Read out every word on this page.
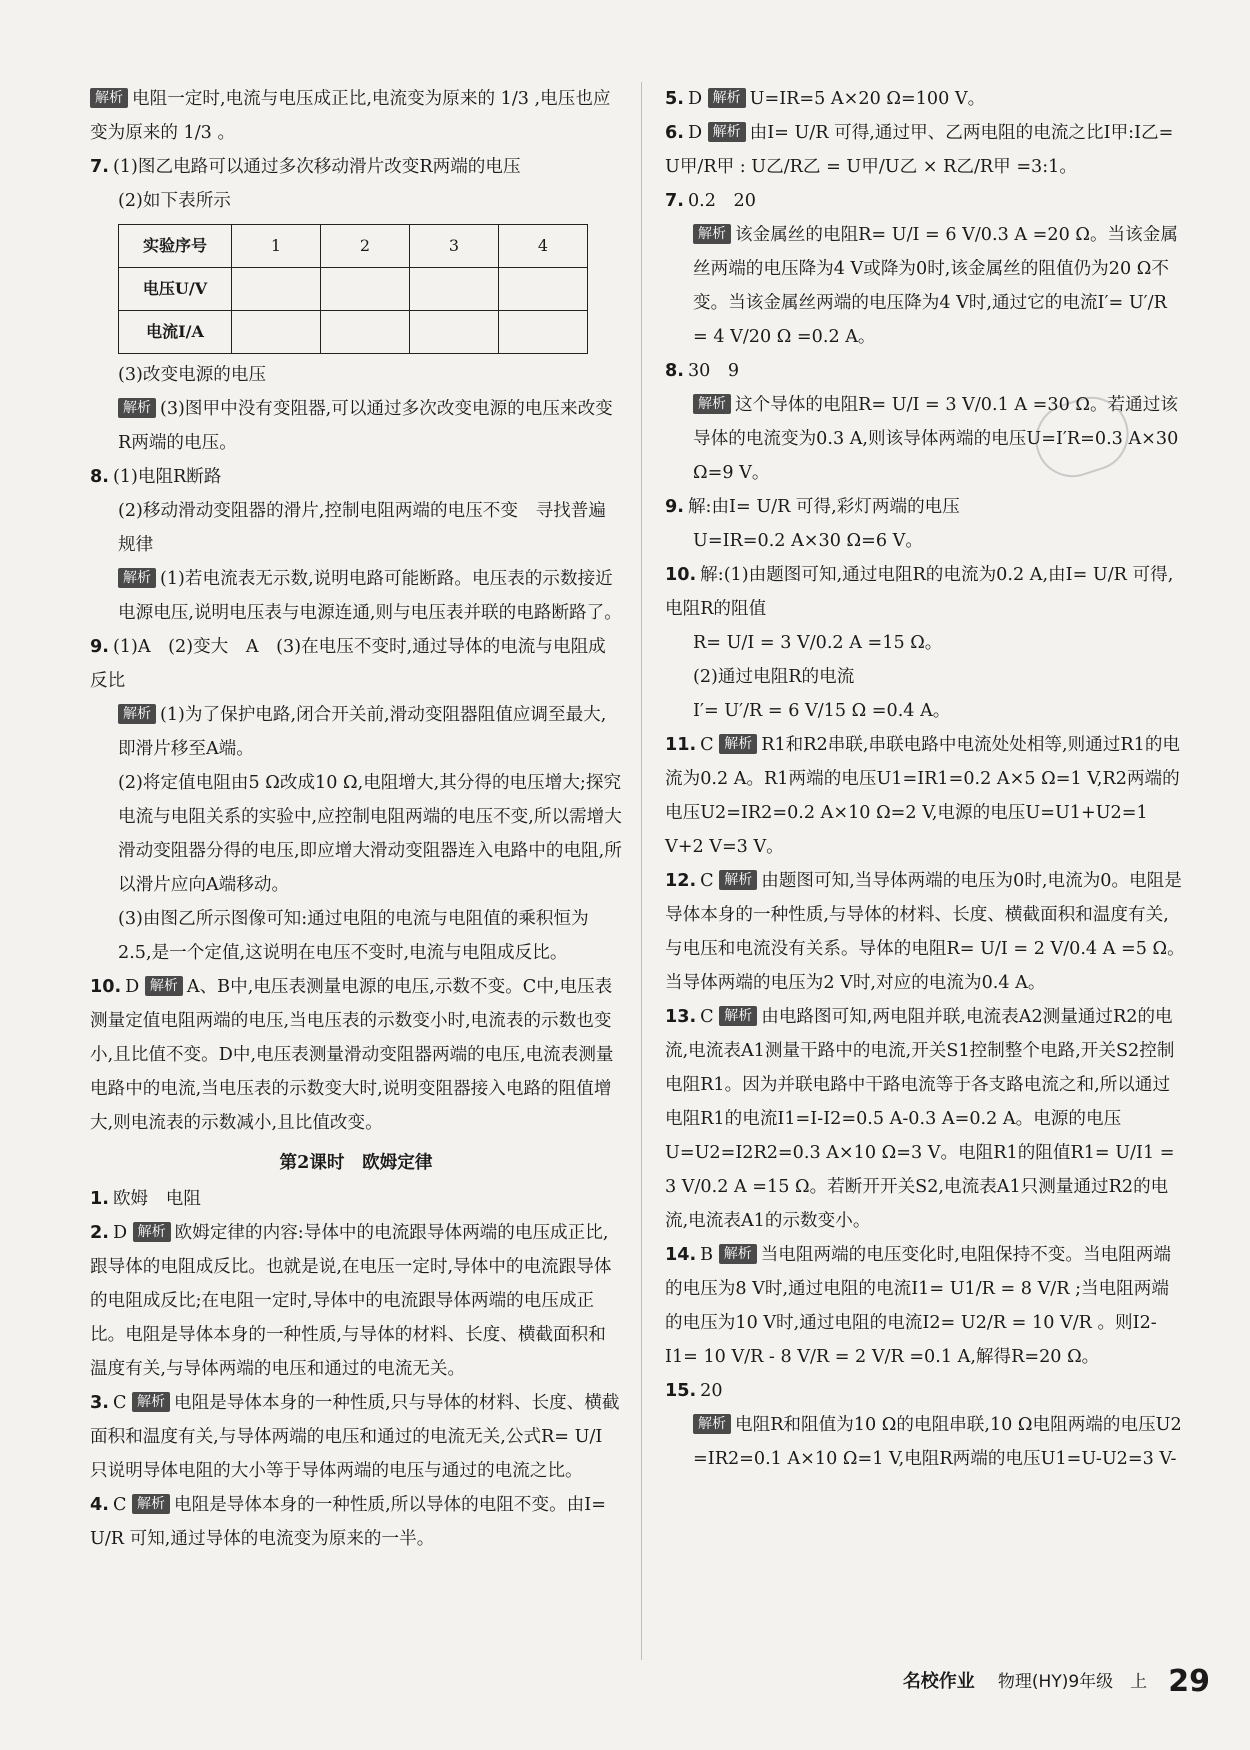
解析 电阻一定时,电流与电压成正比,电流变为原来的 1/3 ,电压也应变为原来的 1/3 。
7. (1)图乙电路可以通过多次移动滑片改变R两端的电压
(2)如下表所示
实验序号	1	2	3	4
电压U/V				
电流I/A				
(3)改变电源的电压
解析 (3)图甲中没有变阻器,可以通过多次改变电源的电压来改变R两端的电压。
8. (1)电阻R断路
(2)移动滑动变阻器的滑片,控制电阻两端的电压不变　寻找普遍规律
解析 (1)若电流表无示数,说明电路可能断路。电压表的示数接近电源电压,说明电压表与电源连通,则与电压表并联的电路断路了。
9. (1)A　(2)变大　A　(3)在电压不变时,通过导体的电流与电阻成反比
解析 (1)为了保护电路,闭合开关前,滑动变阻器阻值应调至最大,即滑片移至A端。
(2)将定值电阻由5 Ω改成10 Ω,电阻增大,其分得的电压增大;探究电流与电阻关系的实验中,应控制电阻两端的电压不变,所以需增大滑动变阻器分得的电压,即应增大滑动变阻器连入电路中的电阻,所以滑片应向A端移动。
(3)由图乙所示图像可知:通过电阻的电流与电阻值的乘积恒为2.5,是一个定值,这说明在电压不变时,电流与电阻成反比。
10. D 解析 A、B中,电压表测量电源的电压,示数不变。C中,电压表测量定值电阻两端的电压,当电压表的示数变小时,电流表的示数也变小,且比值不变。D中,电压表测量滑动变阻器两端的电压,电流表测量电路中的电流,当电压表的示数变大时,说明变阻器接入电路的阻值增大,则电流表的示数减小,且比值改变。
第2课时　欧姆定律
1. 欧姆　电阻
2. D 解析 欧姆定律的内容:导体中的电流跟导体两端的电压成正比,跟导体的电阻成反比。也就是说,在电压一定时,导体中的电流跟导体的电阻成反比;在电阻一定时,导体中的电流跟导体两端的电压成正比。电阻是导体本身的一种性质,与导体的材料、长度、横截面积和温度有关,与导体两端的电压和通过的电流无关。
3. C 解析 电阻是导体本身的一种性质,只与导体的材料、长度、横截面积和温度有关,与导体两端的电压和通过的电流无关,公式R= U/I 只说明导体电阻的大小等于导体两端的电压与通过的电流之比。
4. C 解析 电阻是导体本身的一种性质,所以导体的电阻不变。由I= U/R 可知,通过导体的电流变为原来的一半。
5. D 解析 U=IR=5 A×20 Ω=100 V。
6. D 解析 由I= U/R 可得,通过甲、乙两电阻的电流之比I甲:I乙= U甲/R甲 : U乙/R乙 = U甲/U乙 × R乙/R甲 =3:1。
7. 0.2　20
解析 该金属丝的电阻R= U/I = 6 V/0.3 A =20 Ω。当该金属丝两端的电压降为4 V或降为0时,该金属丝的阻值仍为20 Ω不变。当该金属丝两端的电压降为4 V时,通过它的电流I′= U′/R = 4 V/20 Ω =0.2 A。
8. 30　9
解析 这个导体的电阻R= U/I = 3 V/0.1 A =30 Ω。若通过该导体的电流变为0.3 A,则该导体两端的电压U=I′R=0.3 A×30 Ω=9 V。
9. 解:由I= U/R 可得,彩灯两端的电压
U=IR=0.2 A×30 Ω=6 V。
10. 解:(1)由题图可知,通过电阻R的电流为0.2 A,由I= U/R 可得,电阻R的阻值
R= U/I = 3 V/0.2 A =15 Ω。
(2)通过电阻R的电流
I′= U′/R = 6 V/15 Ω =0.4 A。
11. C 解析 R1和R2串联,串联电路中电流处处相等,则通过R1的电流为0.2 A。R1两端的电压U1=IR1=0.2 A×5 Ω=1 V,R2两端的电压U2=IR2=0.2 A×10 Ω=2 V,电源的电压U=U1+U2=1 V+2 V=3 V。
12. C 解析 由题图可知,当导体两端的电压为0时,电流为0。电阻是导体本身的一种性质,与导体的材料、长度、横截面积和温度有关,与电压和电流没有关系。导体的电阻R= U/I = 2 V/0.4 A =5 Ω。当导体两端的电压为2 V时,对应的电流为0.4 A。
13. C 解析 由电路图可知,两电阻并联,电流表A2测量通过R2的电流,电流表A1测量干路中的电流,开关S1控制整个电路,开关S2控制电阻R1。因为并联电路中干路电流等于各支路电流之和,所以通过电阻R1的电流I1=I-I2=0.5 A-0.3 A=0.2 A。电源的电压U=U2=I2R2=0.3 A×10 Ω=3 V。电阻R1的阻值R1= U/I1 = 3 V/0.2 A =15 Ω。若断开开关S2,电流表A1只测量通过R2的电流,电流表A1的示数变小。
14. B 解析 当电阻两端的电压变化时,电阻保持不变。当电阻两端的电压为8 V时,通过电阻的电流I1= U1/R = 8 V/R ;当电阻两端的电压为10 V时,通过电阻的电流I2= U2/R = 10 V/R 。则I2-I1= 10 V/R - 8 V/R = 2 V/R =0.1 A,解得R=20 Ω。
15. 20
解析 电阻R和阻值为10 Ω的电阻串联,10 Ω电阻两端的电压U2 =IR2=0.1 A×10 Ω=1 V,电阻R两端的电压U1=U-U2=3 V-
名校作业 物理(HY)9年级　上 29
